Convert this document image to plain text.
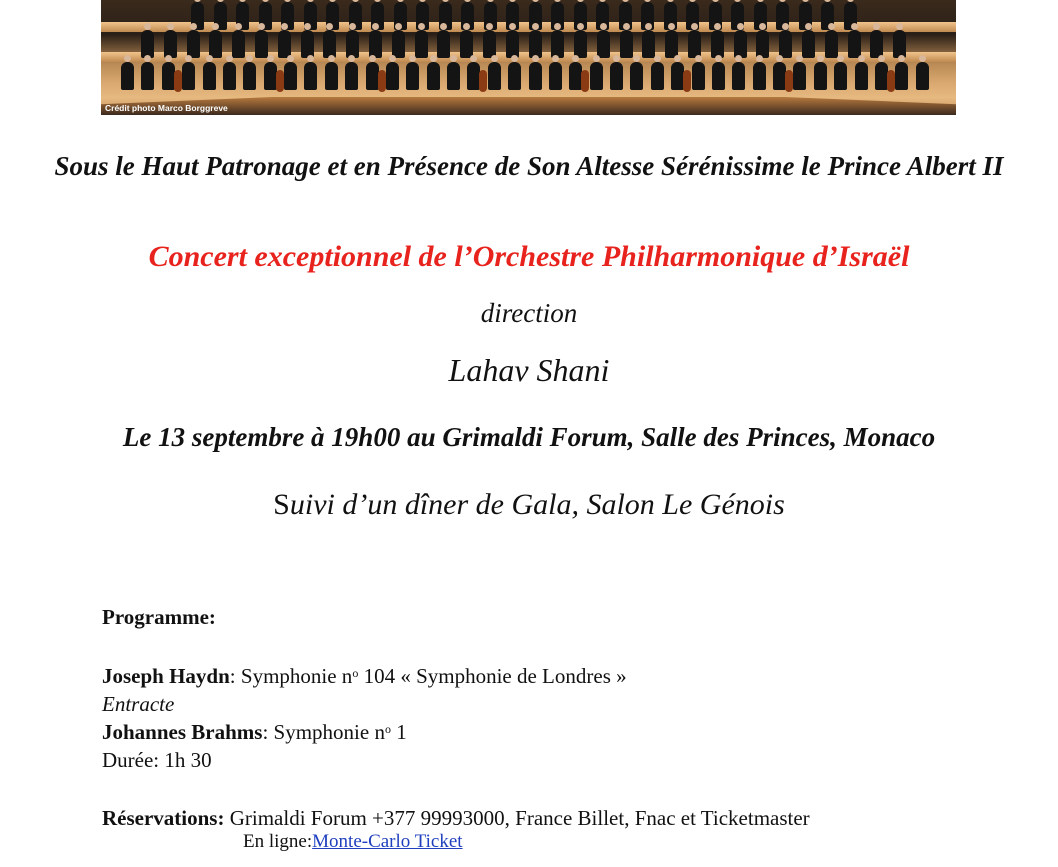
Crédit photo Marco Borggreve
Sous le Haut Patronage et en Présence de Son Altesse Sérénissime le Prince Albert II
Concert exceptionnel de l’Orchestre Philharmonique d’Israël
direction
Lahav Shani
Le 13 septembre à 19h00 au Grimaldi Forum, Salle des Princes, Monaco
Suivi d’un dîner de Gala, Salon Le Génois
Programme:
Joseph Haydn: Symphonie $n^o$ 104 « Symphonie de Londres »
Entracte
Johannes Brahms: Symphonie $n^o$ 1
Durée: 1h 30
Réservations: Grimaldi Forum +377 99993000, France Billet, Fnac et Ticketmaster
En ligne:Monte-Carlo Ticket
